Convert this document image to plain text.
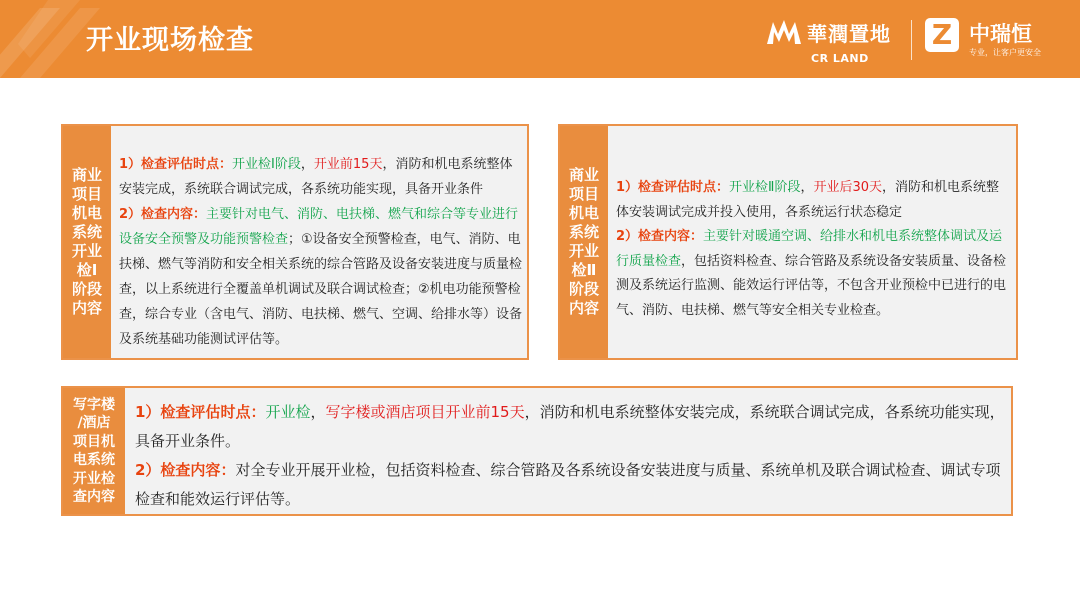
开业现场检查	華潤置地
CR LAND
Z 中瑞恒
专业，让客户更安全
商业
项目
机电
系统
开业
检Ⅰ
阶段
内容

1）检查评估时点：开业检Ⅰ阶段，开业前15天，消防和机电系统整体安装完成，系统联合调试完成，各系统功能实现，具备开业条件

2）检查内容：主要针对电气、消防、电扶梯、燃气和综合等专业进行设备安全预警及功能预警检查；①设备安全预警检查，电气、消防、电扶梯、燃气等消防和安全相关系统的综合管路及设备安装进度与质量检查，以上系统进行全覆盖单机调试及联合调试检查；②机电功能预警检查，综合专业（含电气、消防、电扶梯、燃气、空调、给排水等）设备及系统基础功能测试评估等。

商业
项目
机电
系统
开业
检Ⅱ
阶段
内容

1）检查评估时点：开业检Ⅱ阶段，开业后30天，消防和机电系统整体安装调试完成并投入使用，各系统运行状态稳定

2）检查内容：主要针对暖通空调、给排水和机电系统整体调试及运行质量检查，包括资料检查、综合管路及系统设备安装质量、设备检测及系统运行监测、能效运行评估等，不包含开业预检中已进行的电气、消防、电扶梯、燃气等安全相关专业检查。

写字楼
/酒店
项目机
电系统
开业检
查内容

1）检查评估时点：开业检，写字楼或酒店项目开业前15天，消防和机电系统整体安装完成，系统联合调试完成，各系统功能实现，具备开业条件。

2）检查内容：对全专业开展开业检，包括资料检查、综合管路及各系统设备安装进度与质量、系统单机及联合调试检查、调试专项检查和能效运行评估等。
